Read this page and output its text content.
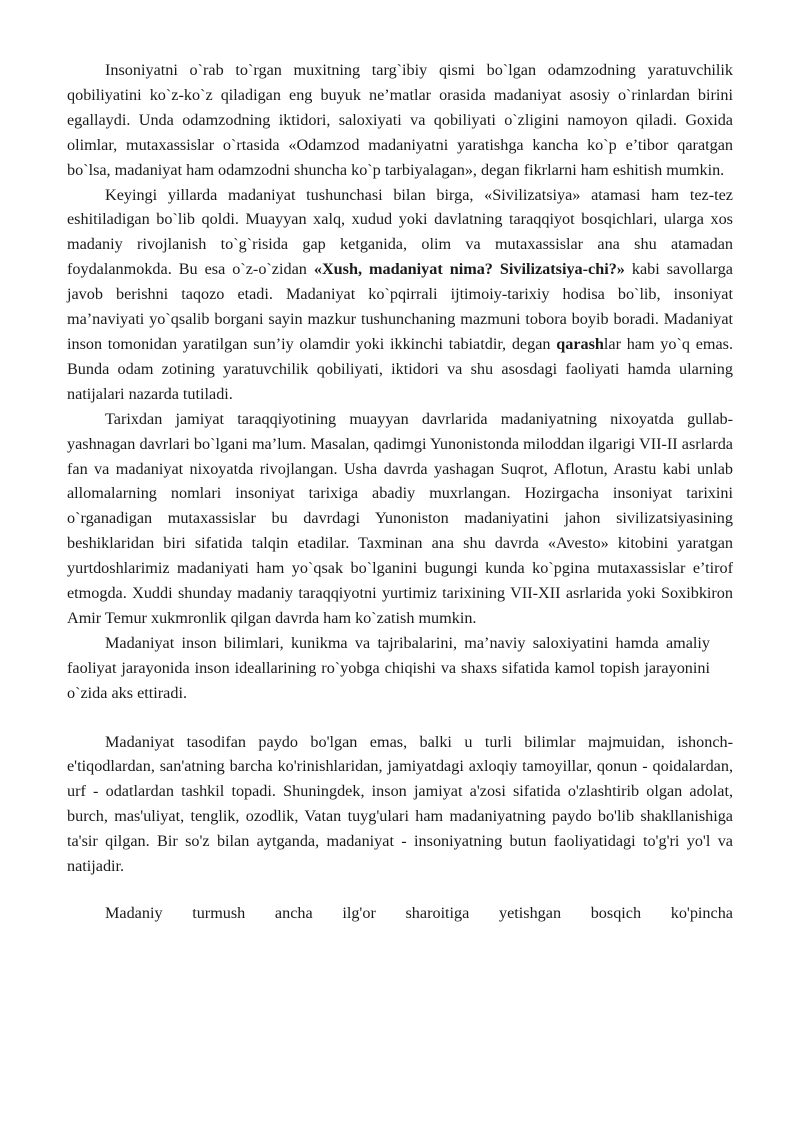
Insoniyatni o`rab to`rgan muxitning targ`ibiy qismi bo`lgan odamzodning yaratuvchilik qobiliyatini ko`z-ko`z qiladigan eng buyuk ne’matlar orasida madaniyat asosiy o`rinlardan birini egallaydi. Unda odamzodning iktidori, saloxiyati va qobiliyati o`zligini namoyon qiladi. Goxida olimlar, mutaxassislar o`rtasida «Odamzod madaniyatni yaratishga kancha ko`p e’tibor qaratgan bo`lsa, madaniyat ham odamzodni shuncha ko`p tarbiyalagan», degan fikrlarni ham eshitish mumkin.

Keyingi yillarda madaniyat tushunchasi bilan birga, «Sivilizatsiya» atamasi ham tez-tez eshitiladigan bo`lib qoldi. Muayyan xalq, xudud yoki davlatning taraqqiyot bosqichlari, ularga xos madaniy rivojlanish to`g`risida gap ketganida, olim va mutaxassislar ana shu atamadan foydalanmokda. Bu esa o`z-o`zidan «Xush, madaniyat nima? Sivilizatsiya-chi?» kabi savollarga javob berishni taqozo etadi. Madaniyat ko`pqirrali ijtimoiy-tarixiy hodisa bo`lib, insoniyat ma’naviyati yo`qsalib borgani sayin mazkur tushunchaning mazmuni tobora boyib boradi. Madaniyat inson tomonidan yaratilgan sun’iy olamdir yoki ikkinchi tabiatdir, degan qarashlar ham yo`q emas. Bunda odam zotining yaratuvchilik qobiliyati, iktidori va shu asosdagi faoliyati hamda ularning natijalari nazarda tutiladi.

Tarixdan jamiyat taraqqiyotining muayyan davrlarida madaniyatning nixoyatda gullab-yashnagan davrlari bo`lgani ma’lum. Masalan, qadimgi Yunonistonda miloddan ilgarigi VII-II asrlarda fan va madaniyat nixoyatda rivojlangan. Usha davrda yashagan Suqrot, Aflotun, Arastu kabi unlab allomalarning nomlari insoniyat tarixiga abadiy muxrlangan. Hozirgacha insoniyat tarixini o`rganadigan mutaxassislar bu davrdagi Yunoniston madaniyatini jahon sivilizatsiyasining beshiklaridan biri sifatida talqin etadilar. Taxminan ana shu davrda «Avesto» kitobini yaratgan yurtdoshlarimiz madaniyati ham yo`qsak bo`lganini bugungi kunda ko`pgina mutaxassislar e’tirof etmogda. Xuddi shunday madaniy taraqqiyotni yurtimiz tarixining VII-XII asrlarida yoki Soxibkiron Amir Temur xukmronlik qilgan davrda ham ko`zatish mumkin.

Madaniyat inson bilimlari, kunikma va tajribalarini, ma’naviy saloxiyatini hamda amaliy faoliyat jarayonida inson ideallarining ro`yobga chiqishi va shaxs sifatida kamol topish jarayonini o`zida aks ettiradi.

Madaniyat tasodifan paydo bo'lgan emas, balki u turli bilimlar majmuidan, ishonch-e'tiqodlardan, san'atning barcha ko'rinishlaridan, jamiyatdagi axloqiy tamoyillar, qonun - qoidalardan, urf - odatlardan tashkil topadi. Shuningdek, inson jamiyat a'zosi sifatida o'zlashtirib olgan adolat, burch, mas'uliyat, tenglik, ozodlik, Vatan tuyg'ulari ham madaniyatning paydo bo'lib shakllanishiga ta'sir qilgan. Bir so'z bilan aytganda, madaniyat - insoniyatning butun faoliyatidagi to'g'ri yo'l va natijadir.

Madaniy turmush ancha ilg'or sharoitiga yetishgan bosqich ko'pincha
